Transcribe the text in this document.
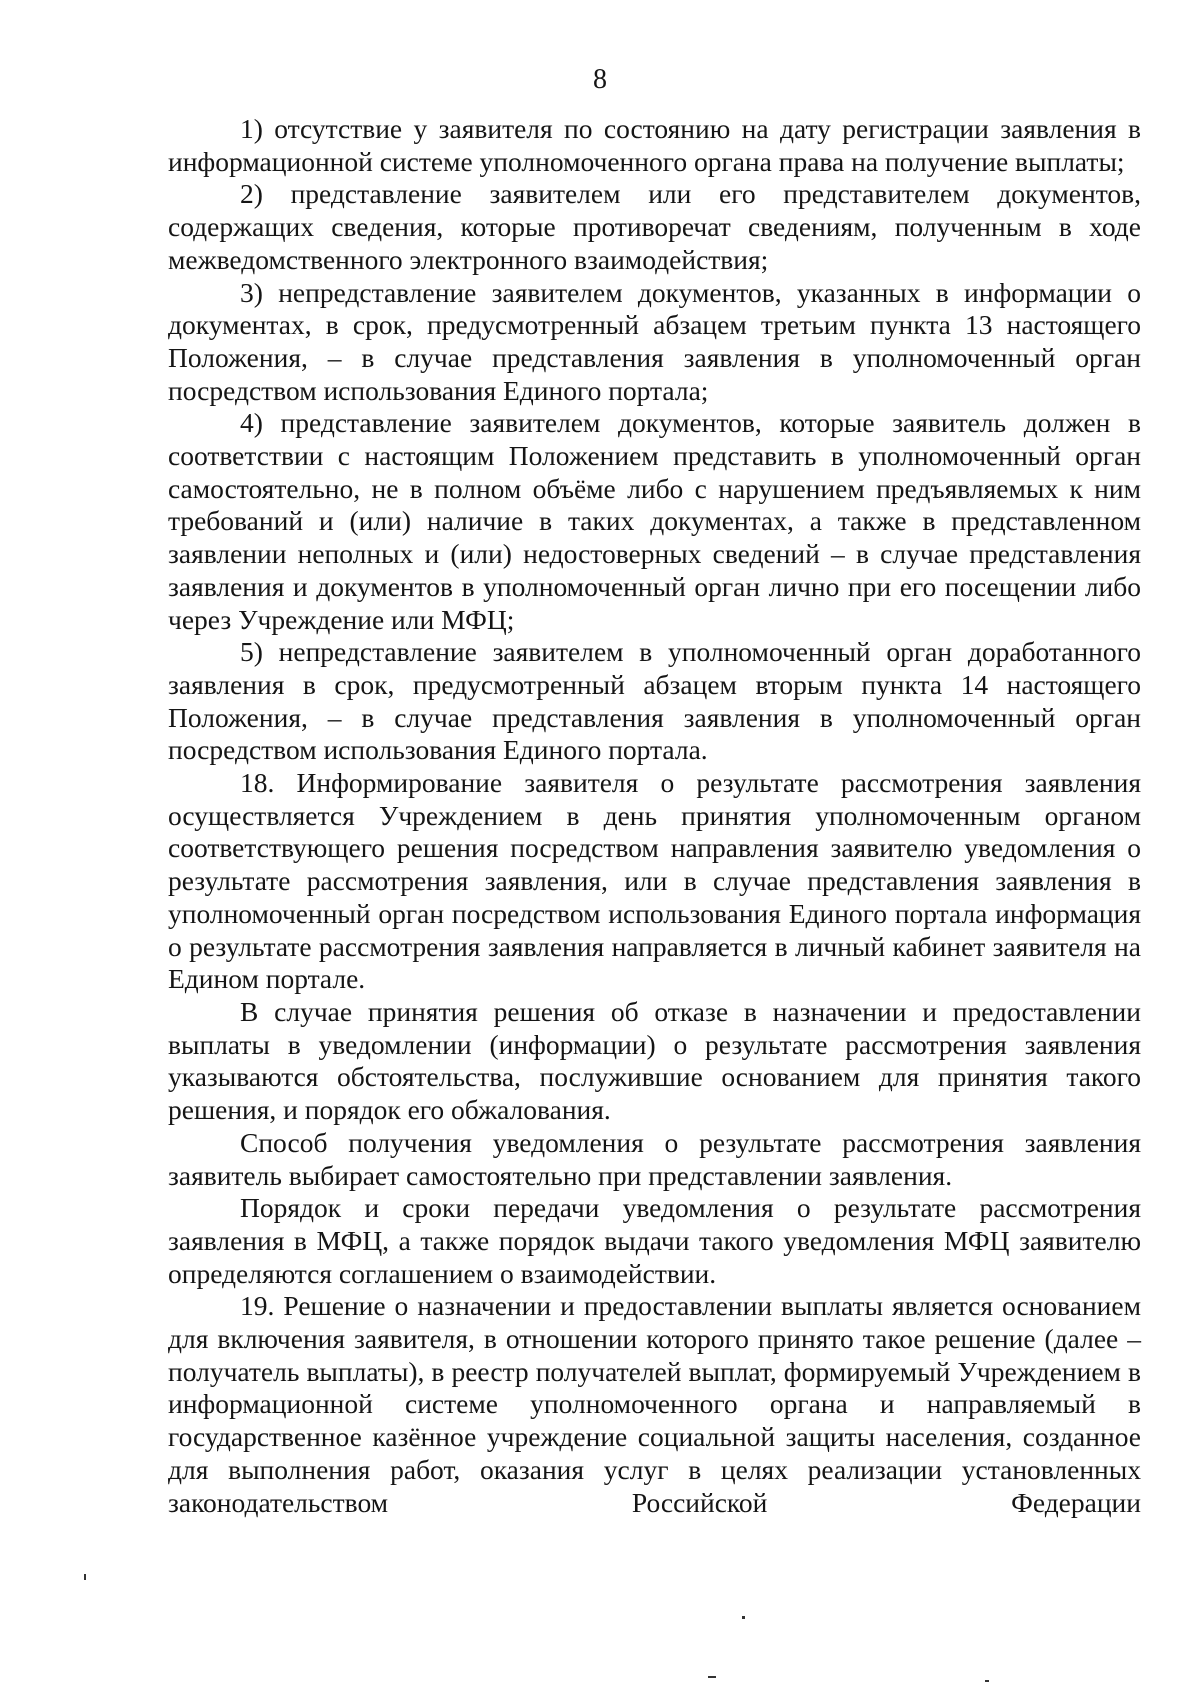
8

1) отсутствие у заявителя по состоянию на дату регистрации заявления в информационной системе уполномоченного органа права на получение выплаты;

2) представление заявителем или его представителем документов, содержащих сведения, которые противоречат сведениям, полученным в ходе межведомственного электронного взаимодействия;

3) непредставление заявителем документов, указанных в информации о документах, в срок, предусмотренный абзацем третьим пункта 13 настоящего Положения, – в случае представления заявления в уполномоченный орган посредством использования Единого портала;

4) представление заявителем документов, которые заявитель должен в соответствии с настоящим Положением представить в уполномоченный орган самостоятельно, не в полном объёме либо с нарушением предъявляемых к ним требований и (или) наличие в таких документах, а также в представленном заявлении неполных и (или) недостоверных сведений – в случае представления заявления и документов в уполномоченный орган лично при его посещении либо через Учреждение или МФЦ;

5) непредставление заявителем в уполномоченный орган доработанного заявления в срок, предусмотренный абзацем вторым пункта 14 настоящего Положения, – в случае представления заявления в уполномоченный орган посредством использования Единого портала.

18. Информирование заявителя о результате рассмотрения заявления осуществляется Учреждением в день принятия уполномоченным органом соответствующего решения посредством направления заявителю уведомления о результате рассмотрения заявления, или в случае представления заявления в уполномоченный орган посредством использования Единого портала информация о результате рассмотрения заявления направляется в личный кабинет заявителя на Едином портале.

В случае принятия решения об отказе в назначении и предоставлении выплаты в уведомлении (информации) о результате рассмотрения заявления указываются обстоятельства, послужившие основанием для принятия такого решения, и порядок его обжалования.

Способ получения уведомления о результате рассмотрения заявления заявитель выбирает самостоятельно при представлении заявления.

Порядок и сроки передачи уведомления о результате рассмотрения заявления в МФЦ, а также порядок выдачи такого уведомления МФЦ заявителю определяются соглашением о взаимодействии.

19. Решение о назначении и предоставлении выплаты является основанием для включения заявителя, в отношении которого принято такое решение (далее – получатель выплаты), в реестр получателей выплат, формируемый Учреждением в информационной системе уполномоченного органа и направляемый в государственное казённое учреждение социальной защиты населения, созданное для выполнения работ, оказания услуг в целях реализации установленных законодательством Российской Федерации
